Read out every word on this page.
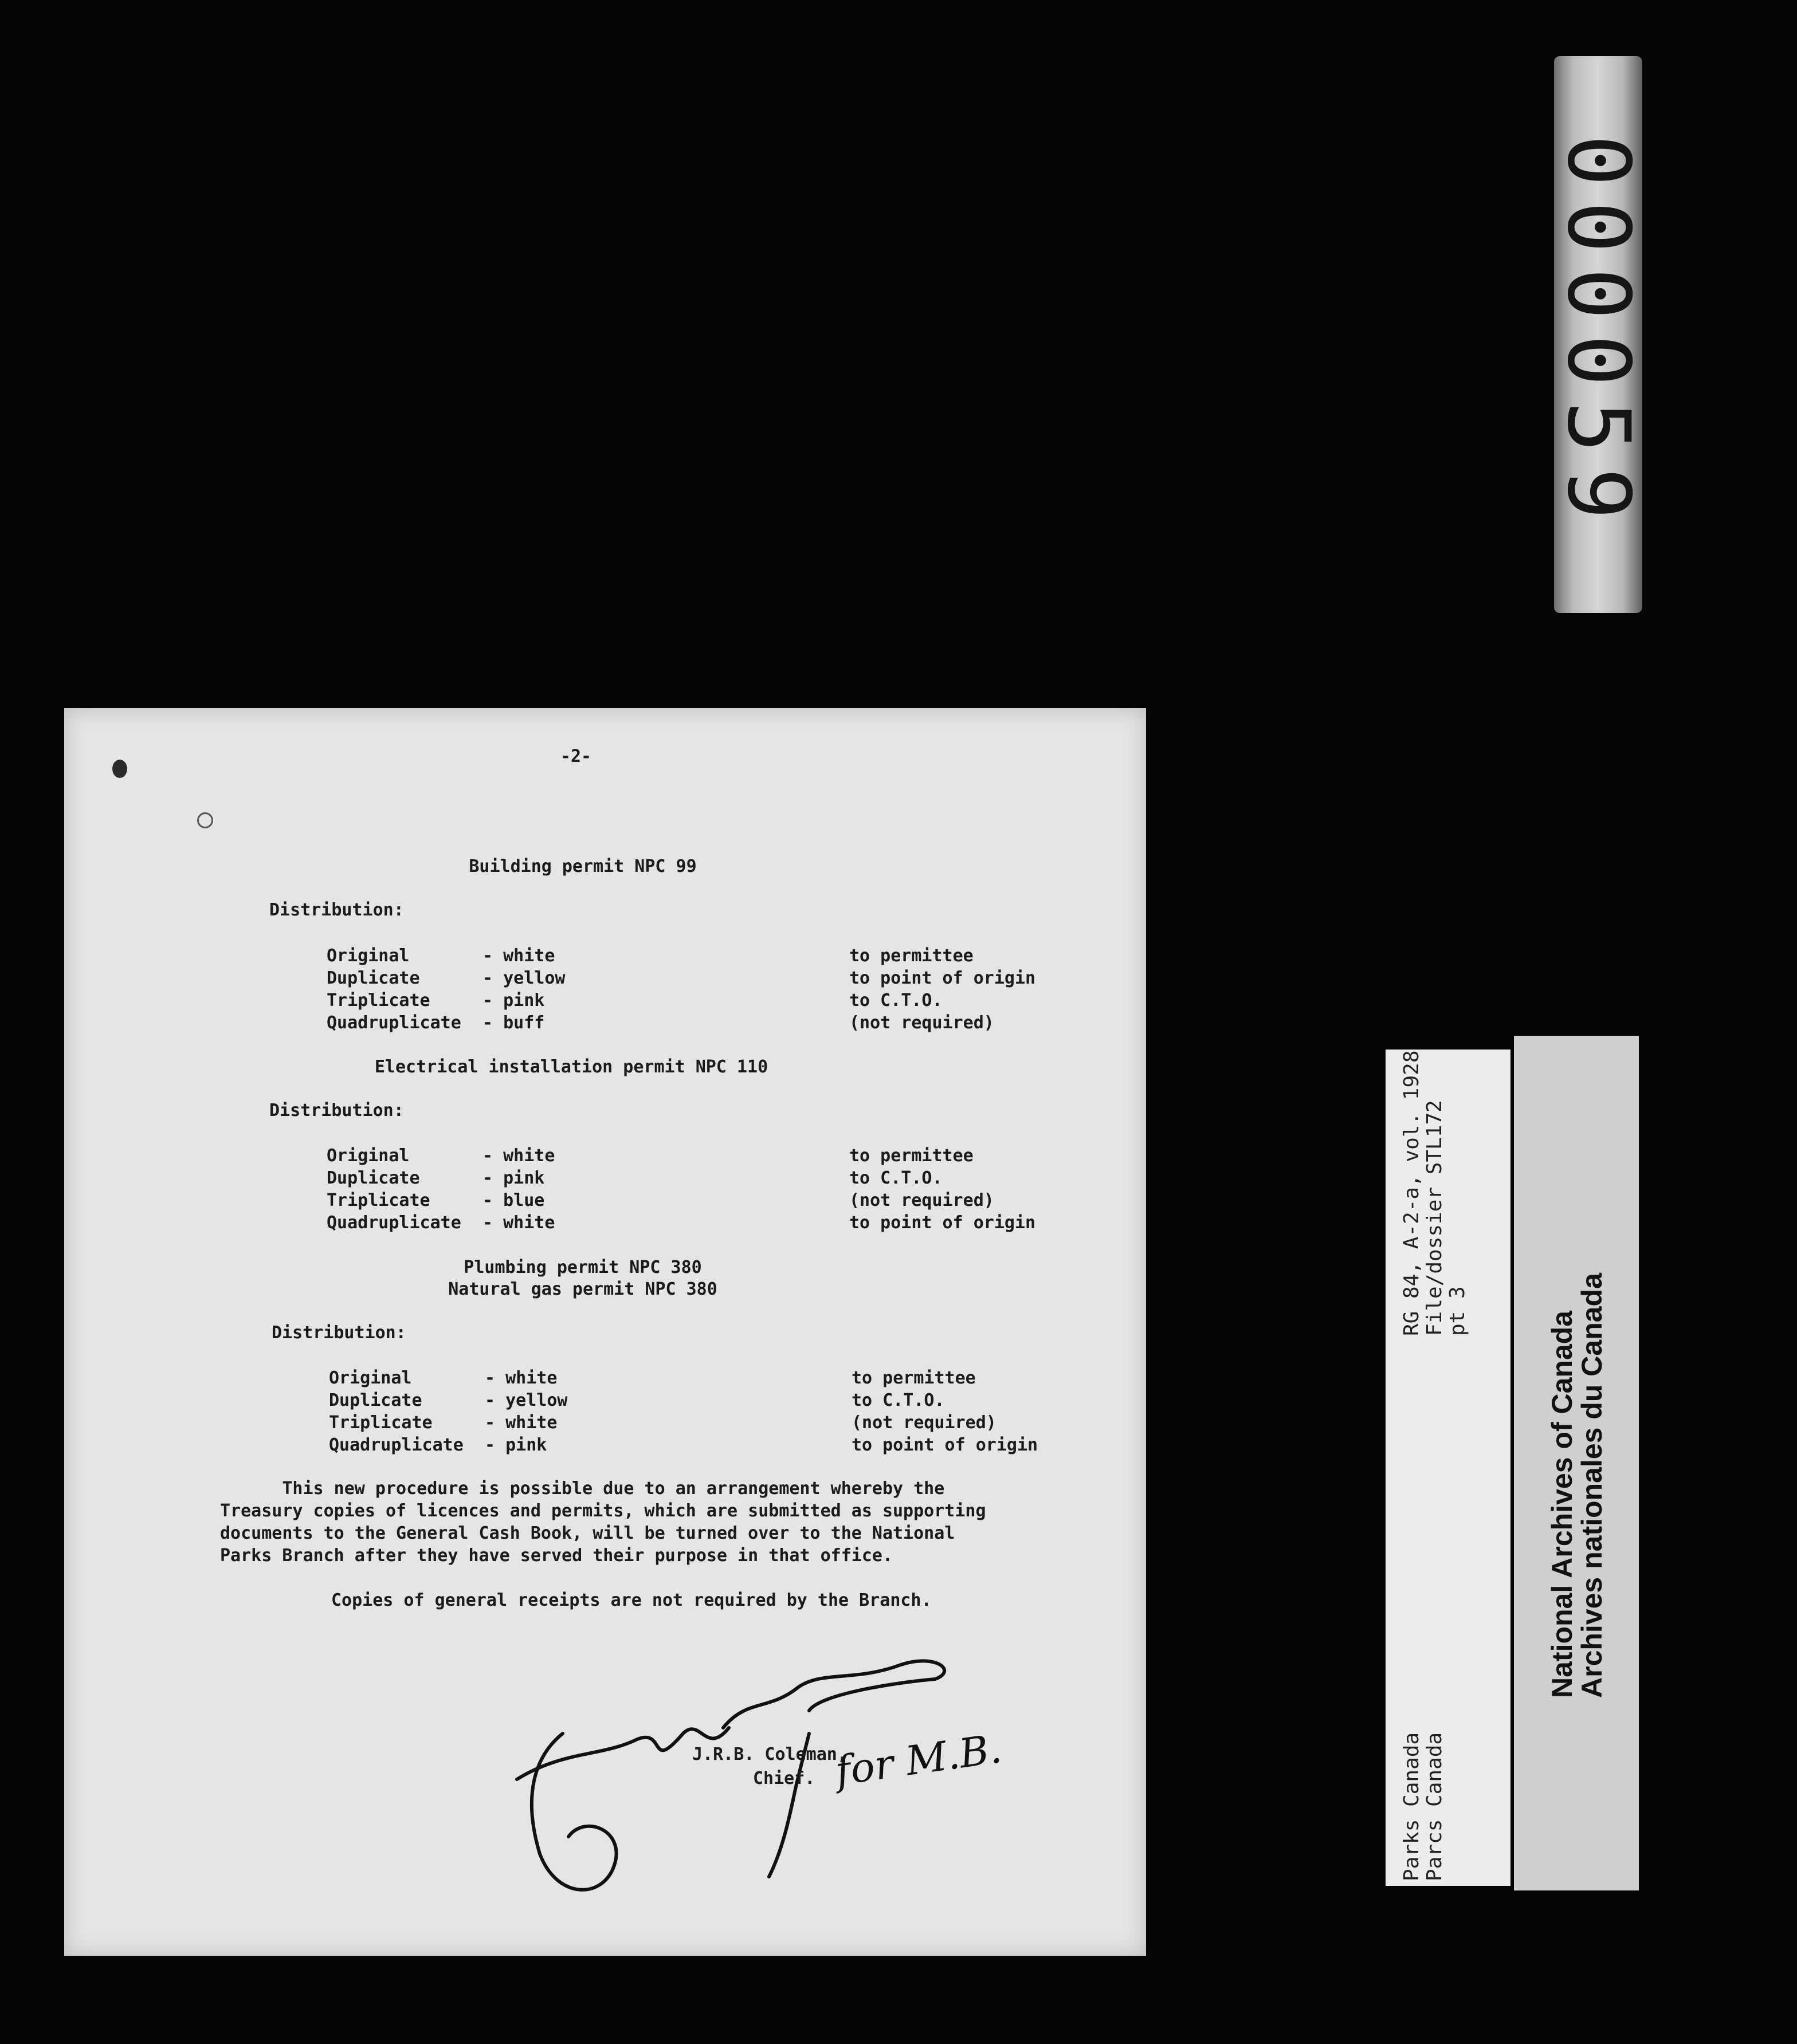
000059
-2-
Building permit NPC 99
Distribution:
Original	- white	to permittee
Duplicate	- yellow	to point of origin
Triplicate	- pink	to C.T.O.
Quadruplicate - buff	(not required)
Electrical installation permit NPC 110
Distribution:
Original	- white	to permittee
Duplicate	- pink	to C.T.O.
Triplicate	- blue	(not required)
Quadruplicate - white	to point of origin
Plumbing permit NPC 380
Natural gas permit NPC 380
Distribution:
Original	- white	to permittee
Duplicate	- yellow	to C.T.O.
Triplicate	- white	(not required)
Quadruplicate - pink	to point of origin
This new procedure is possible due to an arrangement whereby the
Treasury copies of licences and permits, which are submitted as supporting
documents to the General Cash Book, will be turned over to the National
Parks Branch after they have served their purpose in that office.
Copies of general receipts are not required by the Branch.
for M.B.
J.R.B. Coleman,
Chief.
RG 84, A-2-a, vol. 1928
File/dossier STL172
pt 3
Parks Canada
Parcs Canada
National Archives of Canada
Archives nationales du Canada
